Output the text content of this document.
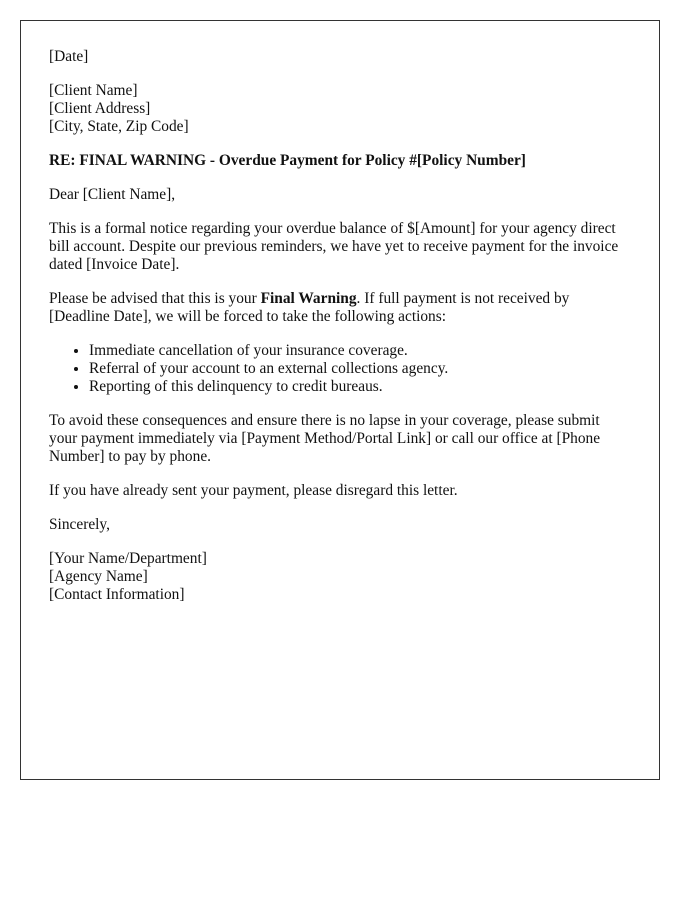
[Date]

[Client Name]
[Client Address]
[City, State, Zip Code]

RE: FINAL WARNING - Overdue Payment for Policy #[Policy Number]

Dear [Client Name],

This is a formal notice regarding your overdue balance of $[Amount] for your agency direct bill account. Despite our previous reminders, we have yet to receive payment for the invoice dated [Invoice Date].

Please be advised that this is your Final Warning. If full payment is not received by [Deadline Date], we will be forced to take the following actions:

• Immediate cancellation of your insurance coverage.
• Referral of your account to an external collections agency.
• Reporting of this delinquency to credit bureaus.

To avoid these consequences and ensure there is no lapse in your coverage, please submit your payment immediately via [Payment Method/Portal Link] or call our office at [Phone Number] to pay by phone.

If you have already sent your payment, please disregard this letter.

Sincerely,

[Your Name/Department]
[Agency Name]
[Contact Information]
